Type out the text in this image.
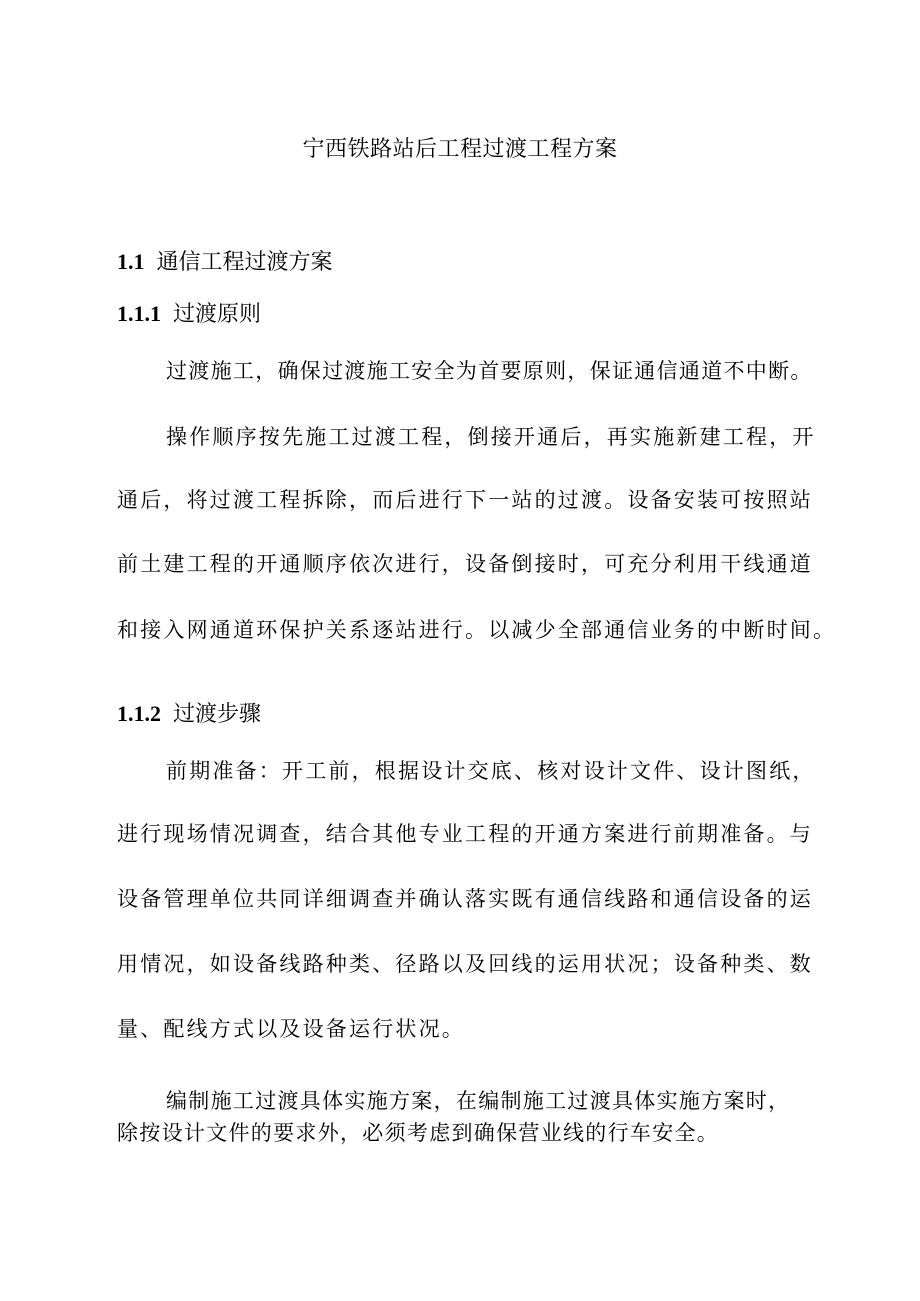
宁西铁路站后工程过渡工程方案
1.1 通信工程过渡方案
1.1.1 过渡原则
过渡施工，确保过渡施工安全为首要原则，保证通信通道不中断。
操作顺序按先施工过渡工程，倒接开通后，再实施新建工程，开
通后，将过渡工程拆除，而后进行下一站的过渡。设备安装可按照站
前土建工程的开通顺序依次进行，设备倒接时，可充分利用干线通道
和接入网通道环保护关系逐站进行。以减少全部通信业务的中断时间。
1.1.2 过渡步骤
前期准备：开工前，根据设计交底、核对设计文件、设计图纸，
进行现场情况调查，结合其他专业工程的开通方案进行前期准备。与
设备管理单位共同详细调查并确认落实既有通信线路和通信设备的运
用情况，如设备线路种类、径路以及回线的运用状况；设备种类、数
量、配线方式以及设备运行状况。
编制施工过渡具体实施方案，在编制施工过渡具体实施方案时，
除按设计文件的要求外，必须考虑到确保营业线的行车安全。
